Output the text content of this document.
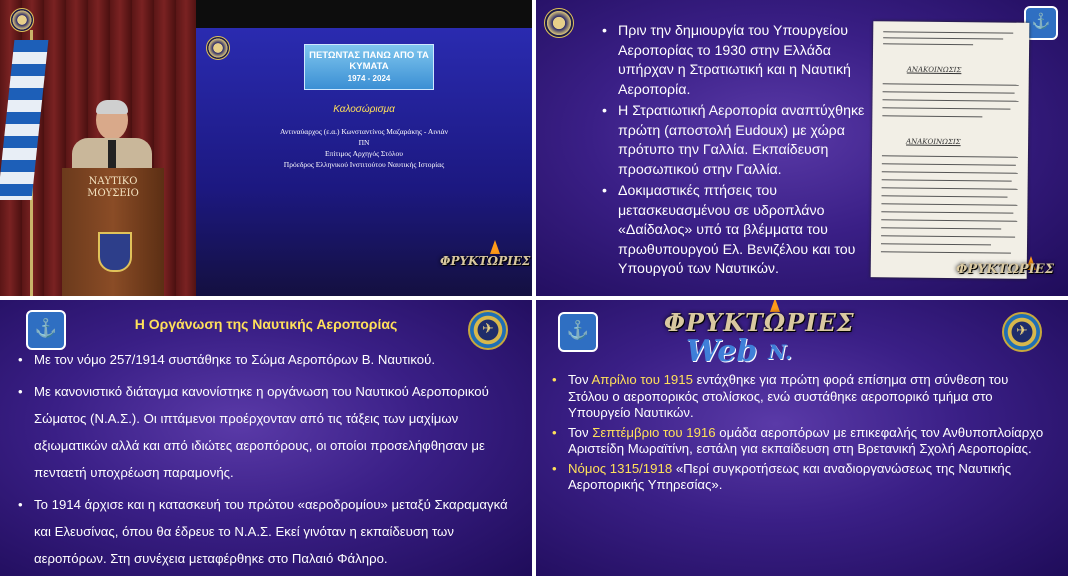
ΝΑΥΤΙΚΟ ΜΟΥΣΕΙΟ
ΠΕΤΩΝΤΑΣ ΠΑΝΩ ΑΠΟ ΤΑ ΚΥΜΑΤΑ
1974 - 2024
Καλοσώρισμα
Αντιναύαρχος (ε.α.) Κωνσταντίνος Μαζαράκης - Αινιάν
ΠΝ
Επίτιμος Αρχηγός Στόλου
Πρόεδρος Ελληνικού Ινστιτούτου Ναυτικής Ιστορίας
ΦΡΥΚΤΩΡΙΕΣ
⚓
• Πριν την δημιουργία του Υπουργείου Αεροπορίας το 1930 στην Ελλάδα υπήρχαν η Στρατιωτική και η Ναυτική Αεροπορία.
• Η Στρατιωτική Αεροπορία αναπτύχθηκε πρώτη (αποστολή Eudoux) με χώρα πρότυπο την Γαλλία. Εκπαίδευση προσωπικού στην Γαλλία.
• Δοκιμαστικές πτήσεις του μετασκευασμένου σε υδροπλάνο «Δαίδαλος» υπό τα βλέμματα του πρωθυπουργού Ελ. Βενιζέλου και του Υπουργού των Ναυτικών.
ΑΝΑΚΟΙΝΩΣΙΣ
ΑΝΑΚΟΙΝΩΣΙΣ
ΦΡΥΚΤΩΡΙΕΣ
⚓	✈
Η Οργάνωση της Ναυτικής Αεροπορίας
• Με τον νόμο 257/1914 συστάθηκε το Σώμα Αεροπόρων Β. Ναυτικού.
• Με κανονιστικό διάταγμα κανονίστηκε η οργάνωση του Ναυτικού Αεροπορικού Σώματος (Ν.Α.Σ.). Οι ιπτάμενοι προέρχονταν από τις τάξεις των μαχίμων αξιωματικών αλλά και από ιδιώτες αεροπόρους, οι οποίοι προσελήφθησαν με πενταετή υποχρέωση παραμονής.
• Το 1914 άρχισε και η κατασκευή του πρώτου «αεροδρομίου» μεταξύ Σκαραμαγκά και Ελευσίνας, όπου θα έδρευε το Ν.Α.Σ. Εκεί γινόταν η εκπαίδευση των αεροπόρων. Στη συνέχεια μεταφέρθηκε στο Παλαιό Φάληρο.
⚓	✈
ΦΡΥΚΤΩΡΙΕΣ
Web N.
• Τον Απρίλιο του 1915 εντάχθηκε για πρώτη φορά επίσημα στη σύνθεση του Στόλου ο αεροπορικός στολίσκος, ενώ συστάθηκε αεροπορικό τμήμα στο Υπουργείο Ναυτικών.
• Τον Σεπτέμβριο του 1916 ομάδα αεροπόρων με επικεφαλής τον Ανθυποπλοίαρχο Αριστείδη Μωραϊτίνη, εστάλη για εκπαίδευση στη Βρετανική Σχολή Αεροπορίας.
• Νόμος 1315/1918 «Περί συγκροτήσεως και αναδιοργανώσεως της Ναυτικής Αεροπορικής Υπηρεσίας».
